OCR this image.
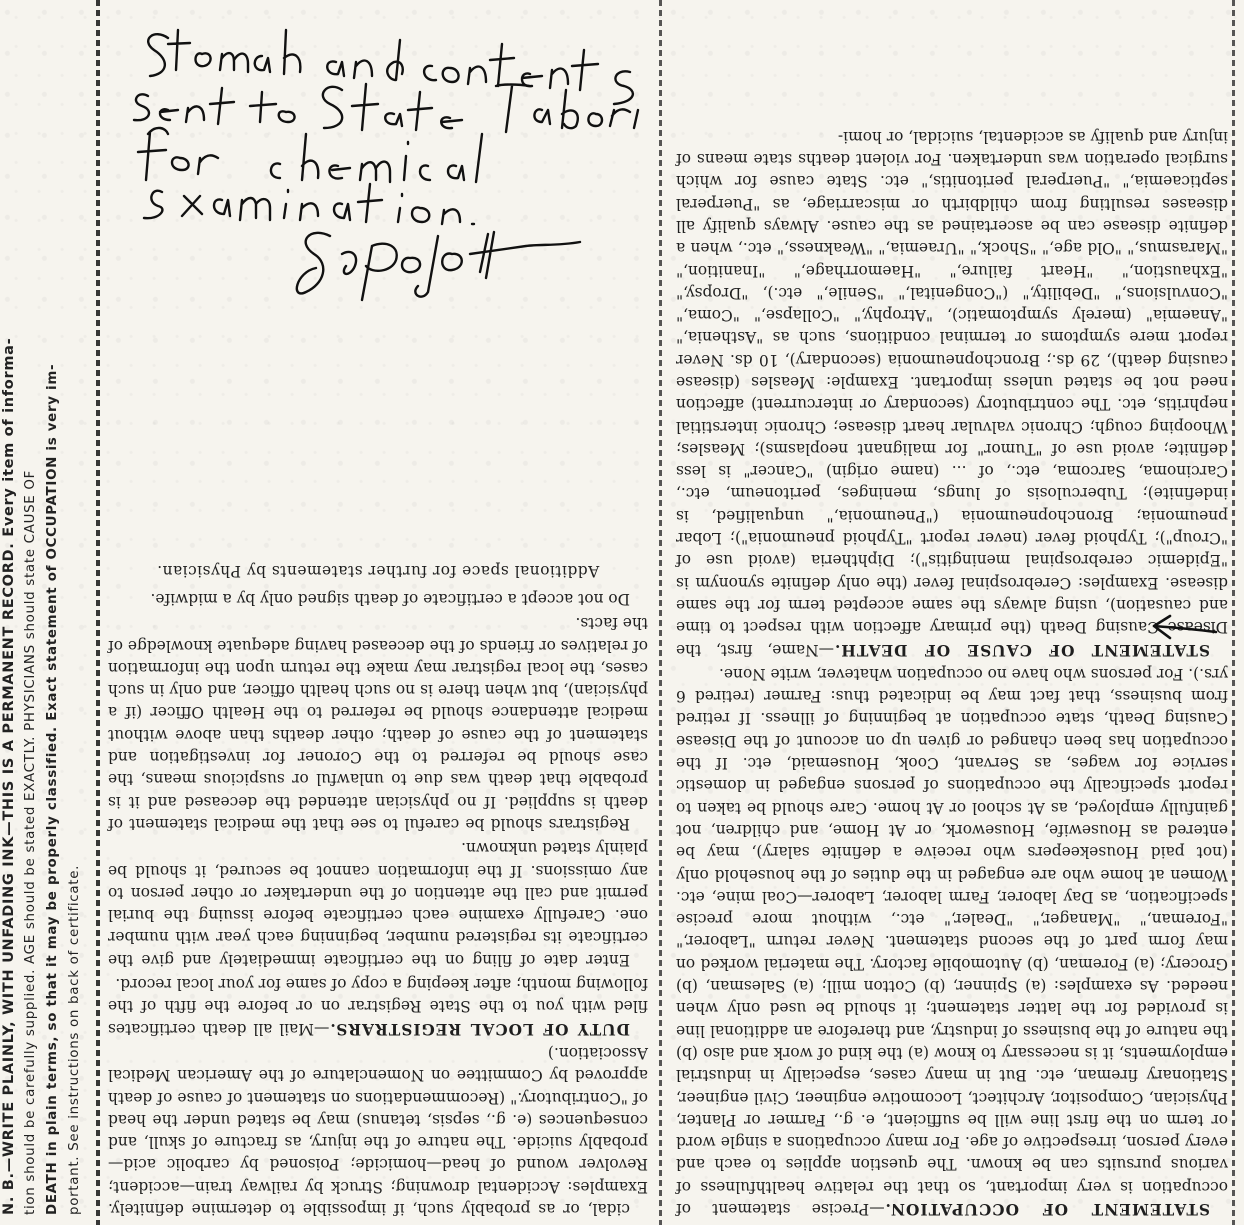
N. B.—WRITE PLAINLY, WITH UNFADING INK—THIS IS A PERMANENT RECORD. Every item of informa- tion should be carefully supplied. AGE should be stated EXACTLY. PHYSICIANS should state CAUSE OF DEATH in plain terms, so that it may be properly classified. Exact statement of OCCUPATION is very im- portant. See instructions on back of certificate. cidal, or as probably such, if impossible to determine definitely. Examples: Accidental drowning; Struck by railway train—accident; Revolver wound of head—homicide; Poisoned by carbolic acid—probably suicide. The nature of the injury, as fracture of skull, and consequences (e. g., sepsis, tetanus) may be stated under the head of "Contributory." (Recommendations on statement of cause of death approved by Committee on Nomenclature of the American Medical Association.)

DUTY OF LOCAL REGISTRARS.—Mail all death certificates filed with you to the State Registrar on or before the fifth of the following month; after keeping a copy of same for your local record.

Enter date of filing on the certificate immediately and give the certificate its registered number, beginning each year with number one. Carefully examine each certificate before issuing the burial permit and call the attention of the undertaker or other person to any omissions. If the information cannot be secured, it should be plainly stated unknown.

Registrars should be careful to see that the medical statement of death is supplied. If no physician attended the deceased and it is probable that death was due to unlawful or suspicious means, the case should be referred to the Coroner for investigation and statement of the cause of death; other deaths than above without medical attendance should be referred to the Health Officer (if a physician), but when there is no such health officer, and only in such cases, the local registrar may make the return upon the information of relatives or friends of the deceased having adequate knowledge of the facts.

Do not accept a certificate of death signed only by a midwife.

Additional space for further statements by Physician.

STATEMENT OF OCCUPATION.—Precise statement of occupation is very important, so that the relative healthfulness of various pursuits can be known. The question applies to each and every person, irrespective of age. For many occupations a single word or term on the first line will be sufficient, e. g., Farmer or Planter, Physician, Compositor, Architect, Locomotive engineer, Civil engineer, Stationary fireman, etc. But in many cases, especially in industrial employments, it is necessary to know (a) the kind of work and also (b) the nature of the business of industry, and therefore an additional line is provided for the latter statement; it should be used only when needed. As examples: (a) Spinner, (b) Cotton mill; (a) Salesman, (b) Grocery; (a) Foreman, (b) Automobile factory. The material worked on may form part of the second statement. Never return "Laborer," "Foreman," "Manager," "Dealer," etc., without more precise specification, as Day laborer, Farm laborer, Laborer—Coal mine, etc. Women at home who are engaged in the duties of the household only (not paid Housekeepers who receive a definite salary), may be entered as Housewife, Housework, or At Home, and children, not gainfully employed, as At school or At home. Care should be taken to report specifically the occupations of persons engaged in domestic service for wages, as Servant, Cook, Housemaid, etc. If the occupation has been changed or given up on account of the Disease Causing Death, state occupation at beginning of illness. If retired from business, that fact may be indicated thus: Farmer (retired 6 yrs.). For persons who have no occupation whatever, write None.

STATEMENT OF CAUSE OF DEATH.—Name, first, the Disease Causing Death (the primary affection with respect to time and causation), using always the same accepted term for the same disease. Examples: Cerebrospinal fever (the only definite synonym is "Epidemic cerebrospinal meningitis"); Diphtheria (avoid use of "Croup"); Typhoid fever (never report "Typhoid pneumonia"); Lobar pneumonia; Bronchopneumonia ("Pneumonia," unqualified, is indefinite); Tuberculosis of lungs, meninges, peritoneum, etc., Carcinoma, Sarcoma, etc., of ... (name origin) "Cancer" is less definite; avoid use of "Tumor" for malignant neoplasms); Measles; Whooping cough; Chronic valvular heart disease; Chronic interstitial nephritis, etc. The contributory (secondary or intercurrent) affection need not be stated unless important. Example: Measles (disease causing death), 29 ds.; Bronchopneumonia (secondary), 10 ds. Never report mere symptoms or terminal conditions, such as "Asthenia," "Anaemia" (merely symptomatic), "Atrophy," "Collapse," "Coma," "Convulsions," "Debility," ("Congenital," "Senile," etc.), "Dropsy," "Exhaustion," "Heart failure," "Haemorrhage," "Inanition," "Marasmus," "Old age," "Shock," "Uraemia," "Weakness," etc., when a definite disease can be ascertained as the cause. Always qualify all diseases resulting from childbirth or miscarriage, as "Puerperal septicaemia," "Puerperal peritonitis," etc. State cause for which surgical operation was undertaken. For violent deaths state means of injury and qualify as accidental, suicidal, or homi-
